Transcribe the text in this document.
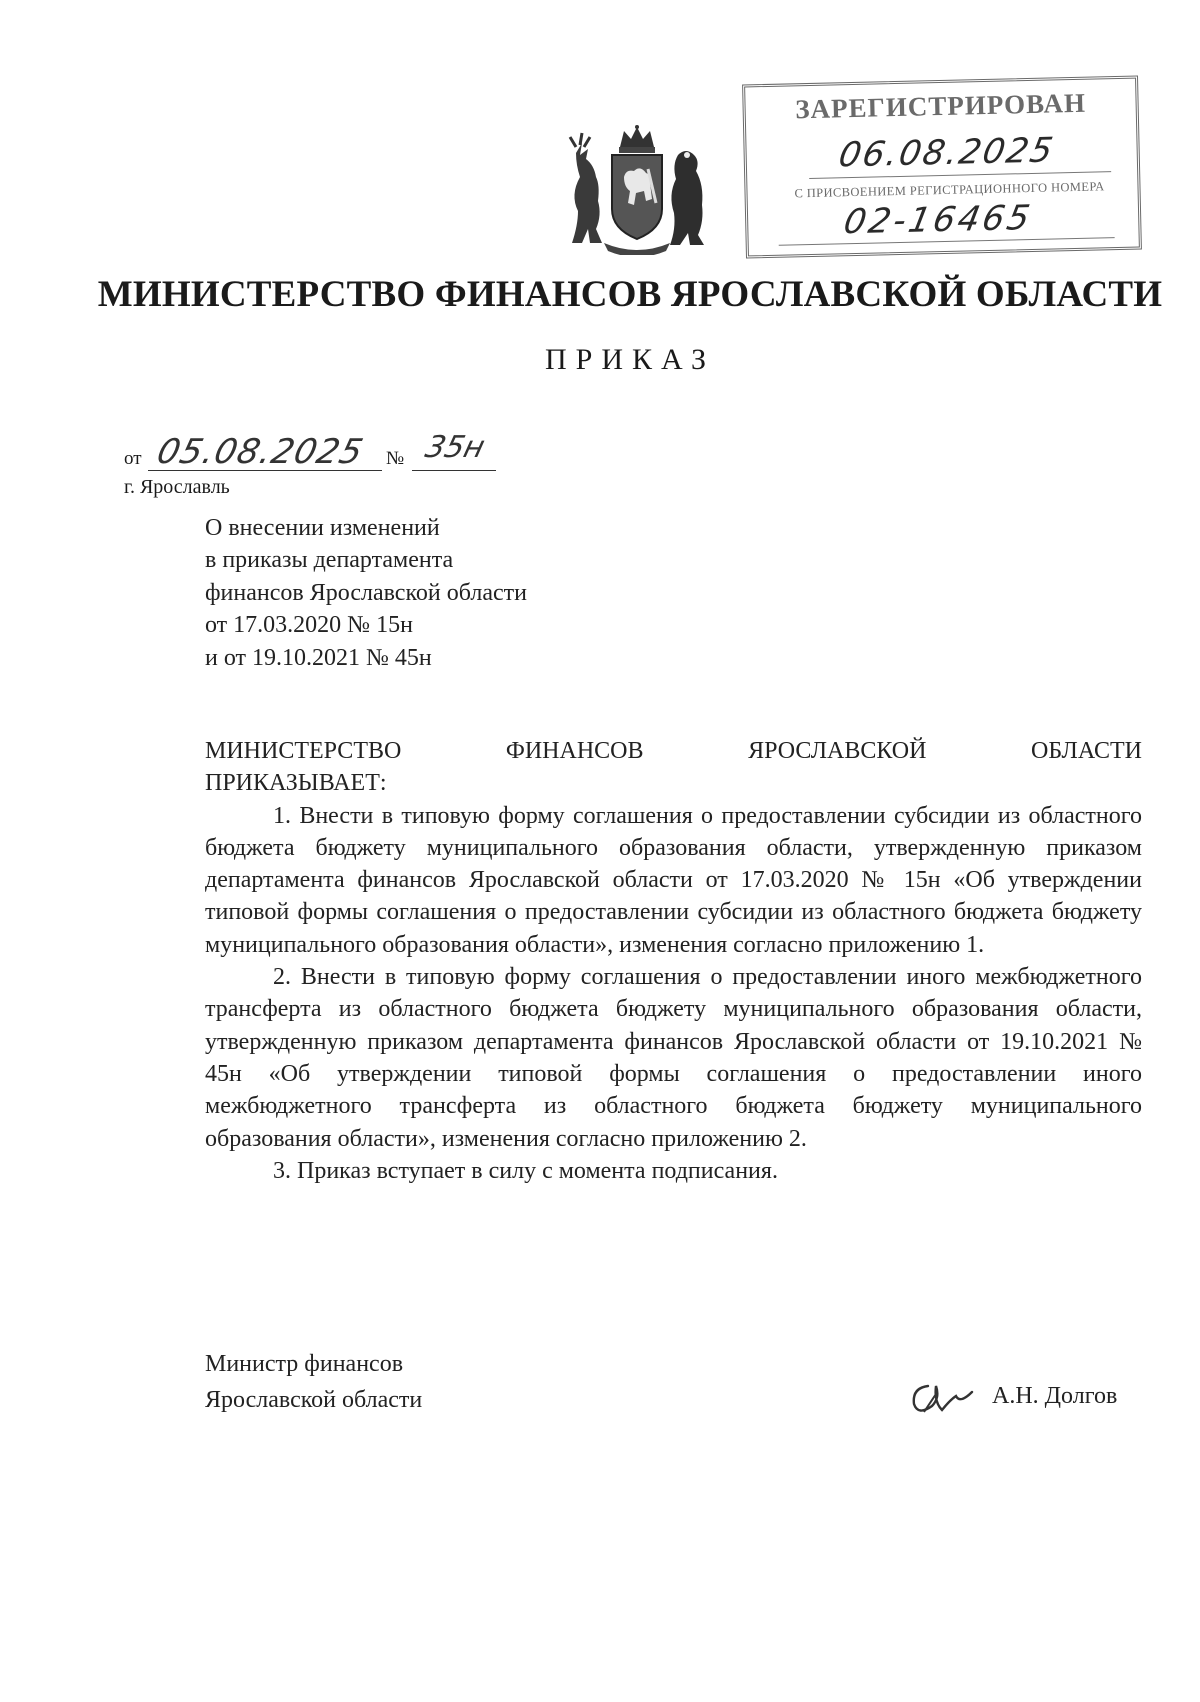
ЗАРЕГИСТРИРОВАН
06.08.2025
С ПРИСВОЕНИЕМ РЕГИСТРАЦИОННОГО НОМЕРА
02-16465
МИНИСТЕРСТВО ФИНАНСОВ ЯРОСЛАВСКОЙ ОБЛАСТИ
ПРИКАЗ
от 05.08.2025 № 35н
г. Ярославль
О внесении изменений
в приказы департамента
финансов Ярославской области
от 17.03.2020 № 15н
и от 19.10.2021 № 45н
МИНИСТЕРСТВО	ФИНАНСОВ	ЯРОСЛАВСКОЙ	ОБЛАСТИ
ПРИКАЗЫВАЕТ:

1. Внести в типовую форму соглашения о предоставлении субсидии из областного бюджета бюджету муниципального образования области, утвержденную приказом департамента финансов Ярославской области от 17.03.2020 № 15н «Об утверждении типовой формы соглашения о предоставлении субсидии из областного бюджета бюджету муниципального образования области», изменения согласно приложению 1.

2. Внести в типовую форму соглашения о предоставлении иного межбюджетного трансферта из областного бюджета бюджету муниципального образования области, утвержденную приказом департамента финансов Ярославской области от 19.10.2021 № 45н «Об утверждении типовой формы соглашения о предоставлении иного межбюджетного трансферта из областного бюджета бюджету муниципального образования области», изменения согласно приложению 2.

3. Приказ вступает в силу с момента подписания.

Министр финансов
Ярославской области	А.Н. Долгов
